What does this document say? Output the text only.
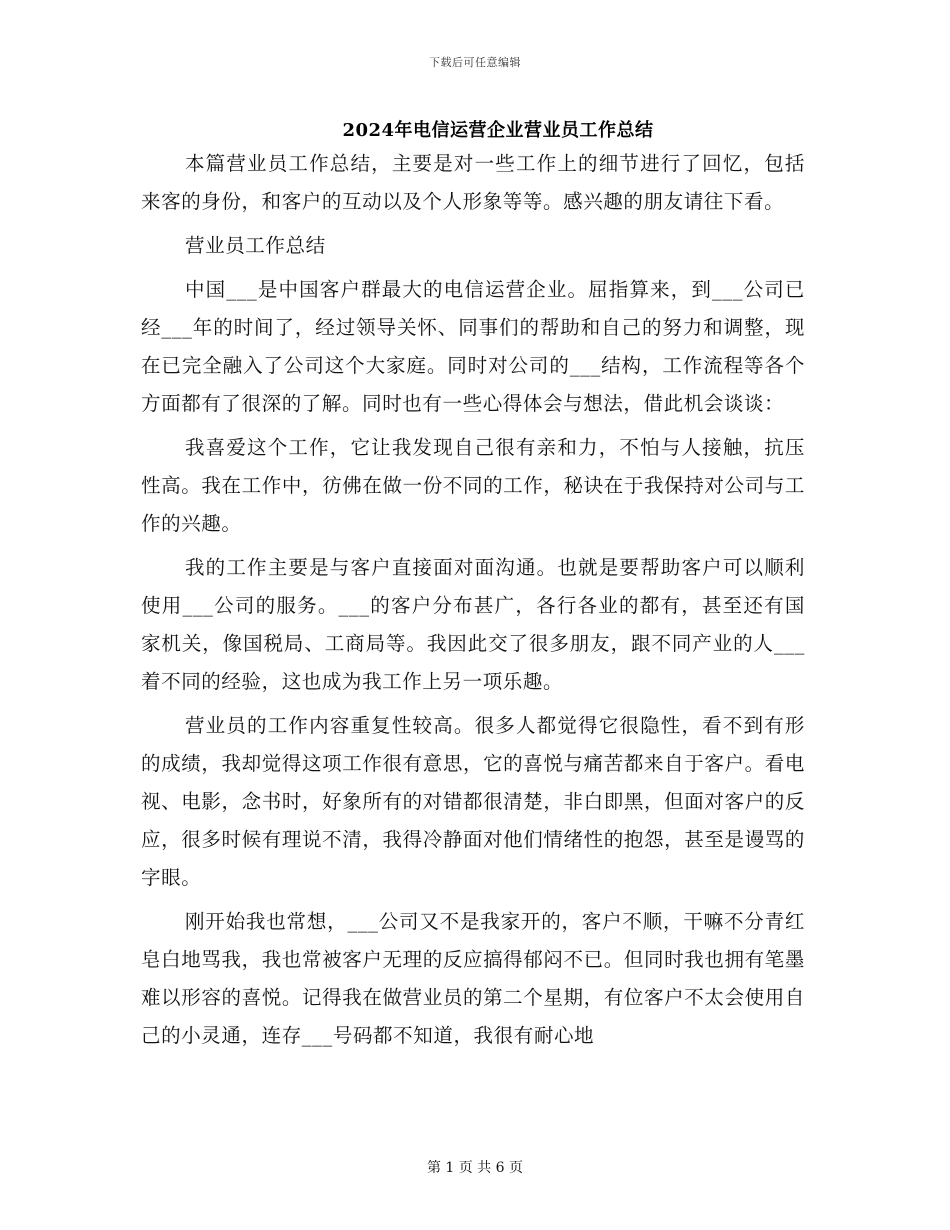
下载后可任意编辑
2024年电信运营企业营业员工作总结

本篇营业员工作总结，主要是对一些工作上的细节进行了回忆，包括来客的身份，和客户的互动以及个人形象等等。感兴趣的朋友请往下看。

营业员工作总结

中国___是中国客户群最大的电信运营企业。屈指算来，到___公司已经___年的时间了，经过领导关怀、同事们的帮助和自己的努力和调整，现在已完全融入了公司这个大家庭。同时对公司的___结构，工作流程等各个方面都有了很深的了解。同时也有一些心得体会与想法，借此机会谈谈：

我喜爱这个工作，它让我发现自己很有亲和力，不怕与人接触，抗压性高。我在工作中，彷佛在做一份不同的工作，秘诀在于我保持对公司与工作的兴趣。

我的工作主要是与客户直接面对面沟通。也就是要帮助客户可以顺利使用___公司的服务。___的客户分布甚广，各行各业的都有，甚至还有国家机关，像国税局、工商局等。我因此交了很多朋友，跟不同产业的人___着不同的经验，这也成为我工作上另一项乐趣。

营业员的工作内容重复性较高。很多人都觉得它很隐性，看不到有形的成绩，我却觉得这项工作很有意思，它的喜悦与痛苦都来自于客户。看电视、电影，念书时，好象所有的对错都很清楚，非白即黑，但面对客户的反应，很多时候有理说不清，我得冷静面对他们情绪性的抱怨，甚至是谩骂的字眼。

刚开始我也常想，___公司又不是我家开的，客户不顺，干嘛不分青红皂白地骂我，我也常被客户无理的反应搞得郁闷不已。但同时我也拥有笔墨难以形容的喜悦。记得我在做营业员的第二个星期，有位客户不太会使用自己的小灵通，连存___号码都不知道，我很有耐心地

第 1 页 共 6 页
